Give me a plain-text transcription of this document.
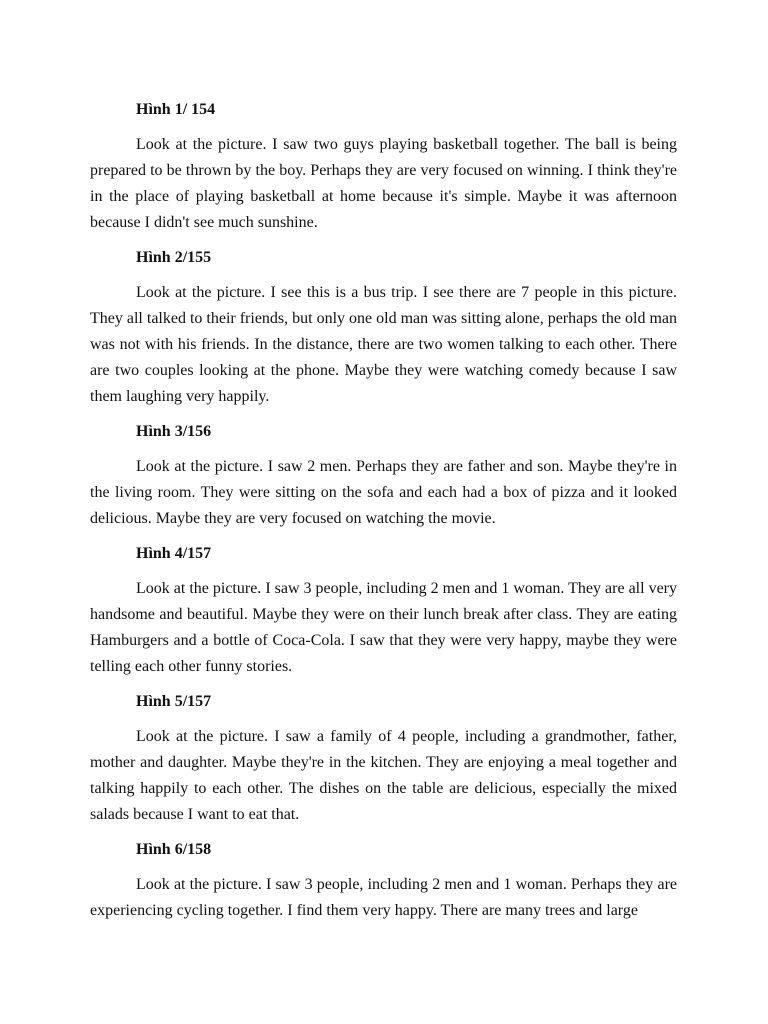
Hình 1/ 154

Look at the picture. I saw two guys playing basketball together. The ball is being prepared to be thrown by the boy. Perhaps they are very focused on winning. I think they're in the place of playing basketball at home because it's simple. Maybe it was afternoon because I didn't see much sunshine.

Hình 2/155

Look at the picture. I see this is a bus trip. I see there are 7 people in this picture. They all talked to their friends, but only one old man was sitting alone, perhaps the old man was not with his friends. In the distance, there are two women talking to each other. There are two couples looking at the phone. Maybe they were watching comedy because I saw them laughing very happily.

Hình 3/156

Look at the picture. I saw 2 men. Perhaps they are father and son. Maybe they're in the living room. They were sitting on the sofa and each had a box of pizza and it looked delicious. Maybe they are very focused on watching the movie.

Hình 4/157

Look at the picture. I saw 3 people, including 2 men and 1 woman. They are all very handsome and beautiful. Maybe they were on their lunch break after class. They are eating Hamburgers and a bottle of Coca-Cola. I saw that they were very happy, maybe they were telling each other funny stories.

Hình 5/157

Look at the picture. I saw a family of 4 people, including a grandmother, father, mother and daughter. Maybe they're in the kitchen. They are enjoying a meal together and talking happily to each other. The dishes on the table are delicious, especially the mixed salads because I want to eat that.

Hình 6/158

Look at the picture. I saw 3 people, including 2 men and 1 woman. Perhaps they are experiencing cycling together. I find them very happy. There are many trees and large
